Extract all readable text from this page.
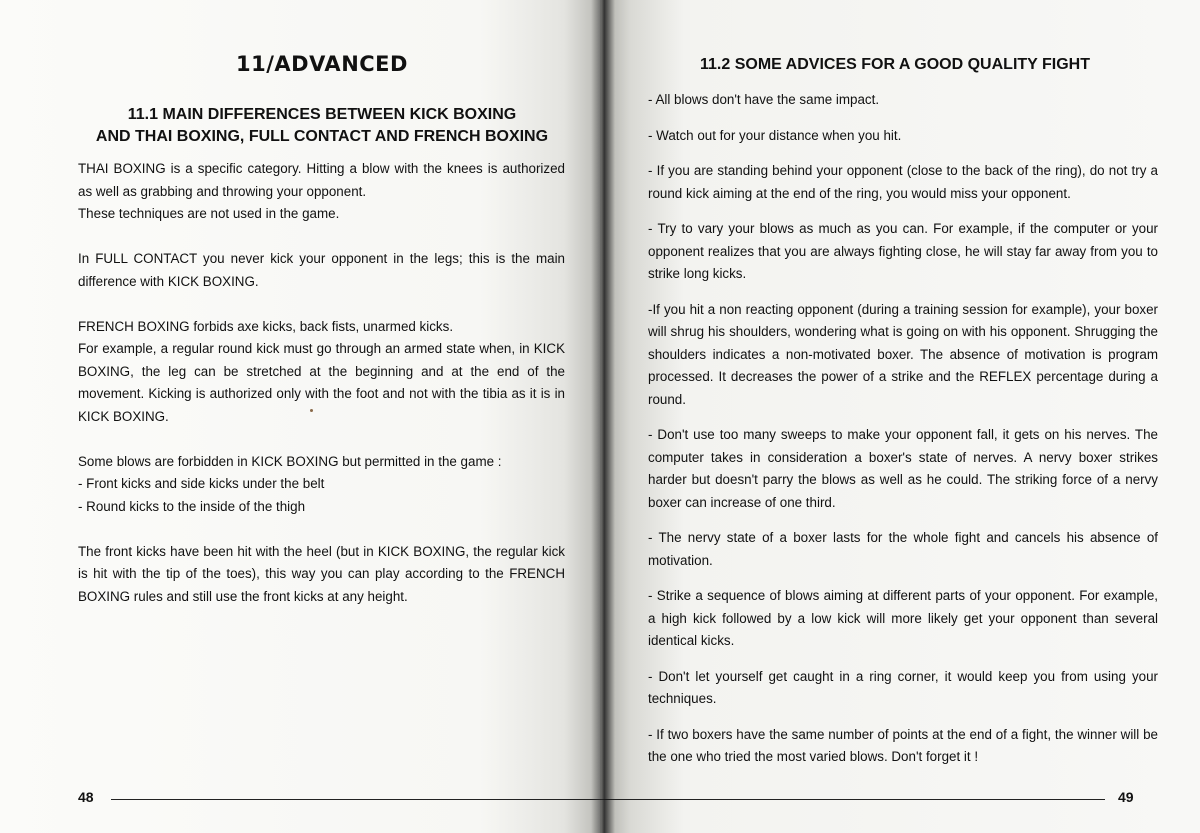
11/ADVANCED
11.1 MAIN DIFFERENCES BETWEEN KICK BOXING
AND THAI BOXING, FULL CONTACT AND FRENCH BOXING

THAI BOXING is a specific category. Hitting a blow with the knees is authorized as well as grabbing and throwing your opponent.
These techniques are not used in the game.

In FULL CONTACT you never kick your opponent in the legs; this is the main difference with KICK BOXING.

FRENCH BOXING forbids axe kicks, back fists, unarmed kicks.
For example, a regular round kick must go through an armed state when, in KICK BOXING, the leg can be stretched at the beginning and at the end of the movement. Kicking is authorized only with the foot and not with the tibia as it is in KICK BOXING.

Some blows are forbidden in KICK BOXING but permitted in the game :
- Front kicks and side kicks under the belt
- Round kicks to the inside of the thigh

The front kicks have been hit with the heel (but in KICK BOXING, the regular kick is hit with the tip of the toes), this way you can play according to the FRENCH BOXING rules and still use the front kicks at any height.

48
11.2 SOME ADVICES FOR A GOOD QUALITY FIGHT

- All blows don't have the same impact.

- Watch out for your distance when you hit.

- If you are standing behind your opponent (close to the back of the ring), do not try a round kick aiming at the end of the ring, you would miss your opponent.

- Try to vary your blows as much as you can. For example, if the computer or your opponent realizes that you are always fighting close, he will stay far away from you to strike long kicks.

-If you hit a non reacting opponent (during a training session for example), your boxer will shrug his shoulders, wondering what is going on with his opponent. Shrugging the shoulders indicates a non-motivated boxer. The absence of motivation is program processed. It decreases the power of a strike and the REFLEX percentage during a round.

- Don't use too many sweeps to make your opponent fall, it gets on his nerves. The computer takes in consideration a boxer's state of nerves. A nervy boxer strikes harder but doesn't parry the blows as well as he could. The striking force of a nervy boxer can increase of one third.

- The nervy state of a boxer lasts for the whole fight and cancels his absence of motivation.

- Strike a sequence of blows aiming at different parts of your opponent. For example, a high kick followed by a low kick will more likely get your opponent than several identical kicks.

- Don't let yourself get caught in a ring corner, it would keep you from using your techniques.

- If two boxers have the same number of points at the end of a fight, the winner will be the one who tried the most varied blows. Don't forget it !

49
